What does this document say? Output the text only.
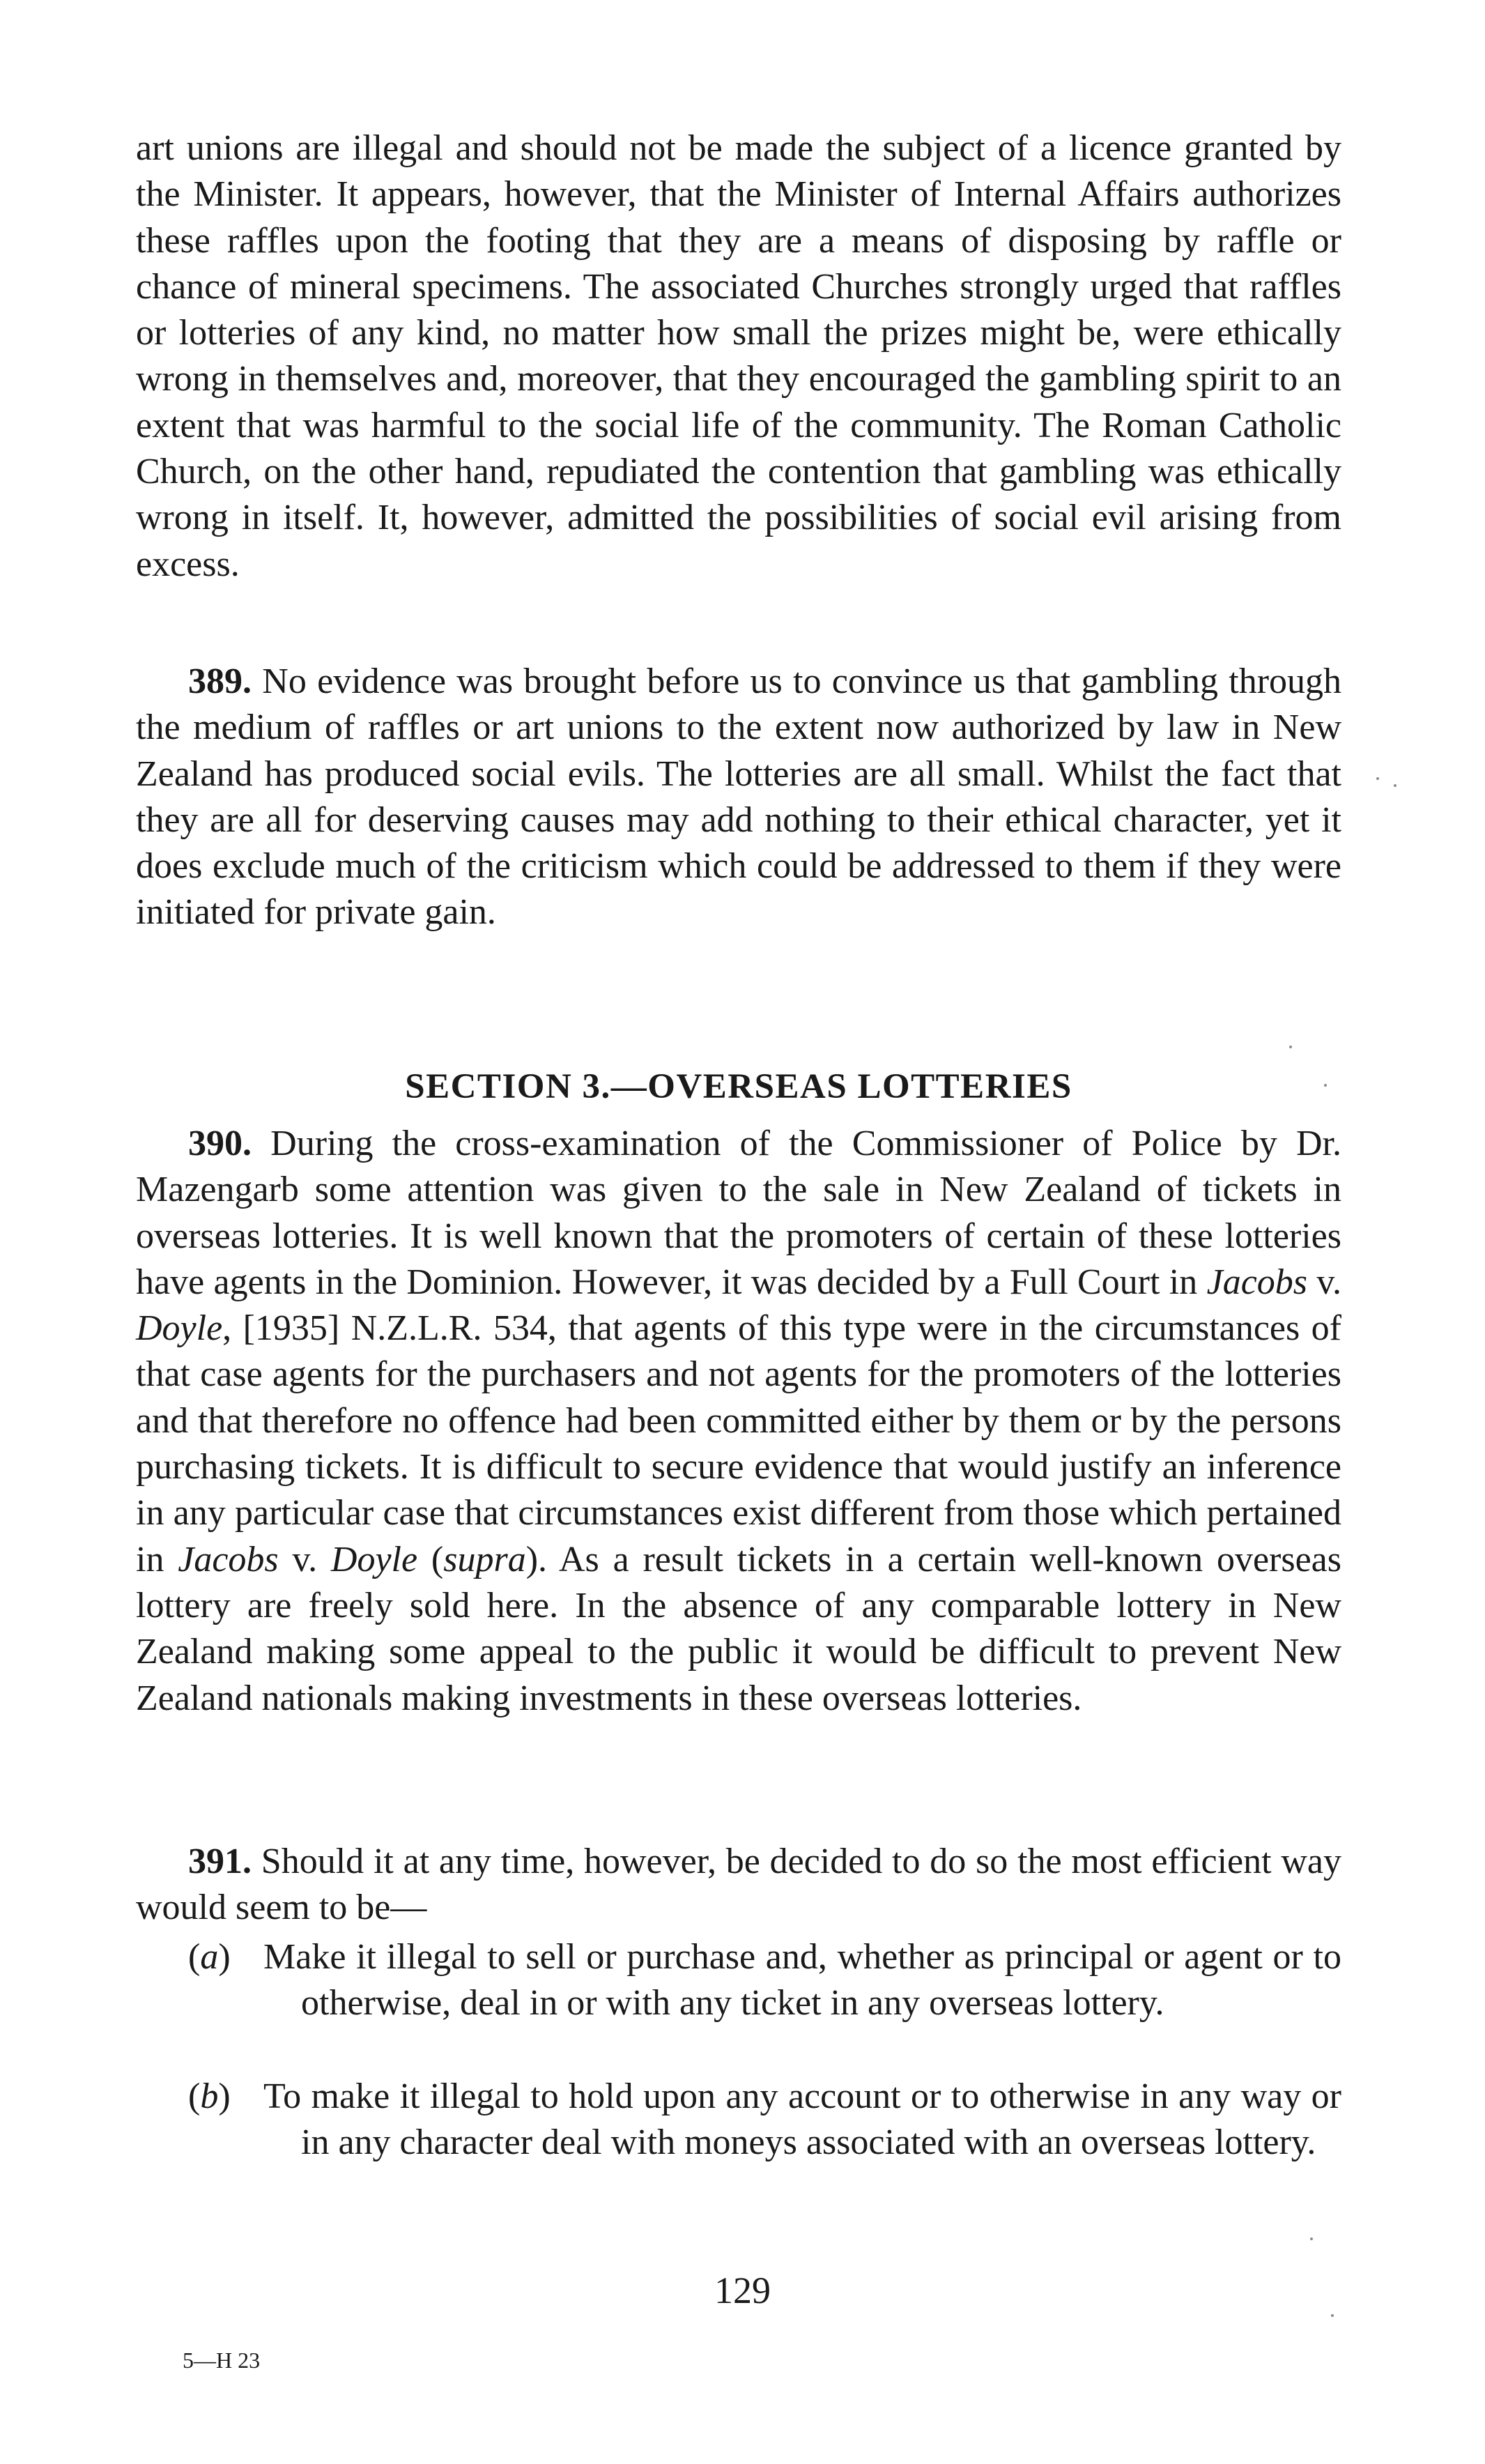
art unions are illegal and should not be made the subject of a licence granted by the Minister. It appears, however, that the Minister of Internal Affairs authorizes these raffles upon the footing that they are a means of disposing by raffle or chance of mineral specimens. The associated Churches strongly urged that raffles or lotteries of any kind, no matter how small the prizes might be, were ethically wrong in themselves and, moreover, that they encouraged the gambling spirit to an extent that was harmful to the social life of the community. The Roman Catholic Church, on the other hand, repudiated the contention that gambling was ethically wrong in itself. It, however, admitted the possibilities of social evil arising from excess.

389. No evidence was brought before us to convince us that gambling through the medium of raffles or art unions to the extent now authorized by law in New Zealand has produced social evils. The lotteries are all small. Whilst the fact that they are all for deserving causes may add nothing to their ethical character, yet it does exclude much of the criticism which could be addressed to them if they were initiated for private gain.

SECTION 3.—OVERSEAS LOTTERIES

390. During the cross-examination of the Commissioner of Police by Dr. Mazengarb some attention was given to the sale in New Zealand of tickets in overseas lotteries. It is well known that the promoters of certain of these lotteries have agents in the Dominion. However, it was decided by a Full Court in Jacobs v. Doyle, [1935] N.Z.L.R. 534, that agents of this type were in the circumstances of that case agents for the purchasers and not agents for the promoters of the lotteries and that therefore no offence had been committed either by them or by the persons purchasing tickets. It is difficult to secure evidence that would justify an inference in any particular case that circumstances exist different from those which pertained in Jacobs v. Doyle (supra). As a result tickets in a certain well-known overseas lottery are freely sold here. In the absence of any comparable lottery in New Zealand making some appeal to the public it would be difficult to prevent New Zealand nationals making investments in these overseas lotteries.

391. Should it at any time, however, be decided to do so the most efficient way would seem to be—

(a) Make it illegal to sell or purchase and, whether as principal or agent or to otherwise, deal in or with any ticket in any overseas lottery.

(b) To make it illegal to hold upon any account or to otherwise in any way or in any character deal with moneys associated with an overseas lottery.

129

5—H 23
